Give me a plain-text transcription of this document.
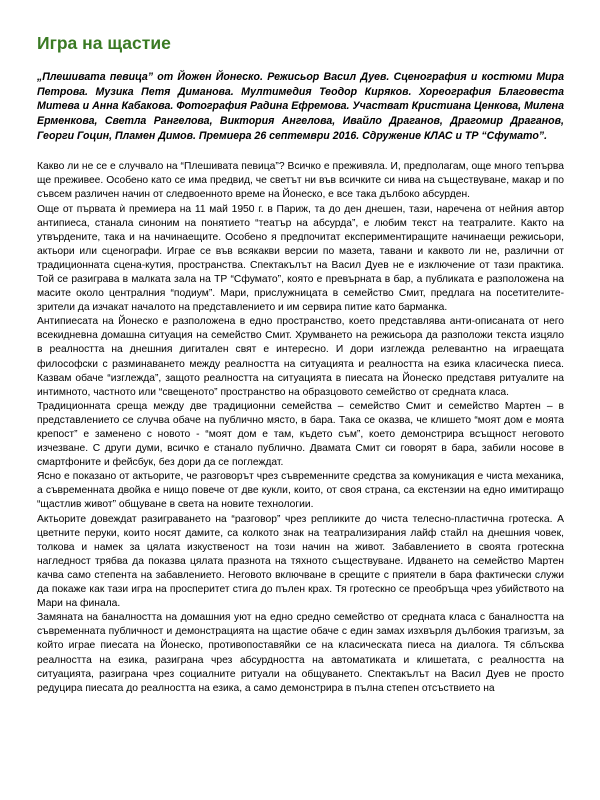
Игра на щастие

„Плешивата певица” от Йожен Йонеско. Режисьор Васил Дуев. Сценография и костюми Мира Петрова. Музика Петя Диманова. Мултимедия Теодор Киряков. Хореография Благовеста Митева и Анна Кабакова. Фотография Радина Ефремова. Участват Кристиана Ценкова, Милена Ерменкова, Светла Рангелова, Виктория Ангелова, Ивайло Драганов, Драгомир Драганов, Георги Гоцин, Пламен Димов. Премиера 26 септември 2016. Сдружение КЛАС и ТР “Сфумато”.

Какво ли не се е случвало на “Плешивата певица”? Всичко е преживяла. И, предполагам, още много тепърва ще преживее. Особено като се има предвид, че светът ни във всичките си нива на съществуване, макар и по съвсем различен начин от следвоенното време на Йонеско, е все така дълбоко абсурден.

Още от първата ѝ премиера на 11 май 1950 г. в Париж, та до ден днешен, тази, наречена от нейния автор антипиеса, станала синоним на понятието “театър на абсурда”, е любим текст на театралите. Както на утвърдените, така и на начинаещите. Особено я предпочитат експериментиращите начинаещи режисьори, актьори или сценографи. Играе се във всякакви версии по мазета, тавани и каквото ли не, различни от традиционната сцена-кутия, пространства. Спектакълът на Васил Дуев не е изключение от тази практика. Той се разиграва в малката зала на ТР “Сфумато”, която е превърната в бар, а публиката е разположена на масите около централния “подиум”. Мари, прислужницата в семейство Смит, предлага на посетителите-зрители да изчакат началото на представлението и им сервира питие като барманка.

Антипиесата на Йонеско е разположена в едно пространство, което представлява анти-описаната от него всекидневна домашна ситуация на семейство Смит. Хрумването на режисьора да разположи текста изцяло в реалността на днешния дигитален свят е интересно. И дори изглежда релевантно на играещата философски с разминаването между реалността на ситуацията и реалността на езика класическа пиеса. Казвам обаче “изглежда”, защото реалността на ситуацията в пиесата на Йонеско представя ритуалите на интимното, частното или “свещеното” пространство на образцовото семейство от средната класа.

Традиционната среща между две традиционни семейства – семейство Смит и семейство Мартен – в представлението се случва обаче на публично място, в бара. Така се оказва, че клишето “моят дом е моята крепост” е заменено с новото - “моят дом е там, където съм”, което демонстрира всъщност неговото изчезване. С други думи, всичко е станало публично. Двамата Смит си говорят в бара, забили носове в смартфоните и фейсбук, без дори да се поглеждат.

Ясно е показано от актьорите, че разговорът чрез съвременните средства за комуникация е чиста механика, а съвременната двойка е нищо повече от две кукли, които, от своя страна, са екстензии на едно имитиращо “щастлив живот” общуване в света на новите технологии.

Актьорите довеждат разиграването на “разговор” чрез репликите до чиста телесно-пластична гротеска. А цветните перуки, които носят дамите, са колкото знак на театрализирания лайф стайл на днешния човек, толкова и намек за цялата изкуственост на този начин на живот. Забавлението в своята гротескна нагледност трябва да показва цялата празнота на тяхното съществуване. Идването на семейство Мартен качва само степента на забавлението. Неговото включване в срещите с приятели в бара фактически служи да покаже как тази игра на просперитет стига до пълен крах. Тя гротескно се преобръща чрез убийството на Мари на финала.

Замяната на баналността на домашния уют на едно средно семейство от средната класа с баналността на съвременната публичност и демонстрацията на щастие обаче с един замах изхвърля дълбокия трагизъм, за който играе пиесата на Йонеско, противопоставяйки се на класическата пиеса на диалога. Тя сблъсква реалността на езика, разиграна чрез абсурдността на автоматиката и клишетата, с реалността на ситуацията, разиграна чрез социалните ритуали на общуването. Спектакълът на Васил Дуев не просто редуцира пиесата до реалността на езика, а само демонстрира в пълна степен отсъствието на
